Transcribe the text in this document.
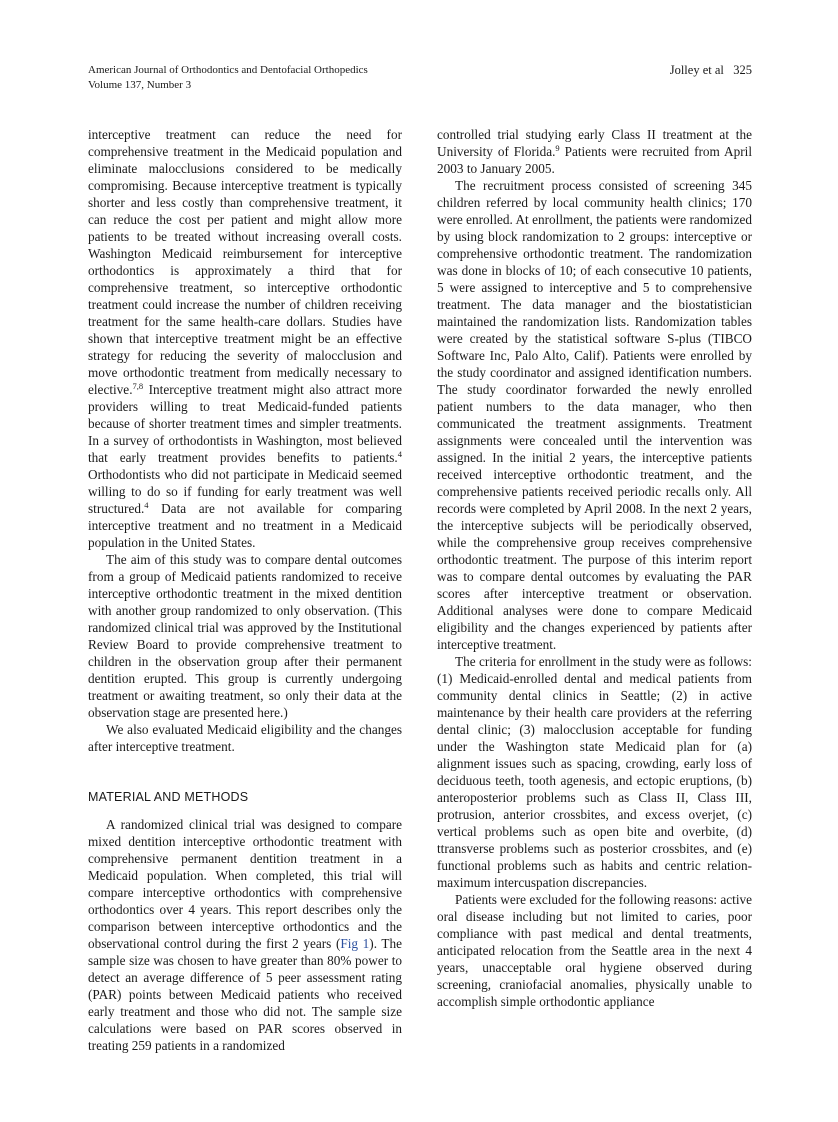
American Journal of Orthodontics and Dentofacial Orthopedics
Volume 137, Number 3
Jolley et al 325

interceptive treatment can reduce the need for comprehensive treatment in the Medicaid population and eliminate malocclusions considered to be medically compromising. Because interceptive treatment is typically shorter and less costly than comprehensive treatment, it can reduce the cost per patient and might allow more patients to be treated without increasing overall costs. Washington Medicaid reimbursement for interceptive orthodontics is approximately a third that for comprehensive treatment, so interceptive orthodontic treatment could increase the number of children receiving treatment for the same health-care dollars. Studies have shown that interceptive treatment might be an effective strategy for reducing the severity of malocclusion and move orthodontic treatment from medically necessary to elective.$^{7,8}$ Interceptive treatment might also attract more providers willing to treat Medicaid-funded patients because of shorter treatment times and simpler treatments. In a survey of orthodontists in Washington, most believed that early treatment provides benefits to patients.$^4$ Orthodontists who did not participate in Medicaid seemed willing to do so if funding for early treatment was well structured.$^4$ Data are not available for comparing interceptive treatment and no treatment in a Medicaid population in the United States.

The aim of this study was to compare dental outcomes from a group of Medicaid patients randomized to receive interceptive orthodontic treatment in the mixed dentition with another group randomized to only observation. (This randomized clinical trial was approved by the Institutional Review Board to provide comprehensive treatment to children in the observation group after their permanent dentition erupted. This group is currently undergoing treatment or awaiting treatment, so only their data at the observation stage are presented here.)

We also evaluated Medicaid eligibility and the changes after interceptive treatment.

MATERIAL AND METHODS

A randomized clinical trial was designed to compare mixed dentition interceptive orthodontic treatment with comprehensive permanent dentition treatment in a Medicaid population. When completed, this trial will compare interceptive orthodontics with comprehensive orthodontics over 4 years. This report describes only the comparison between interceptive orthodontics and the observational control during the first 2 years (Fig 1). The sample size was chosen to have greater than 80% power to detect an average difference of 5 peer assessment rating (PAR) points between Medicaid patients who received early treatment and those who did not. The sample size calculations were based on PAR scores observed in treating 259 patients in a randomized

controlled trial studying early Class II treatment at the University of Florida.$^9$ Patients were recruited from April 2003 to January 2005.

The recruitment process consisted of screening 345 children referred by local community health clinics; 170 were enrolled. At enrollment, the patients were randomized by using block randomization to 2 groups: interceptive or comprehensive orthodontic treatment. The randomization was done in blocks of 10; of each consecutive 10 patients, 5 were assigned to interceptive and 5 to comprehensive treatment. The data manager and the biostatistician maintained the randomization lists. Randomization tables were created by the statistical software S-plus (TIBCO Software Inc, Palo Alto, Calif). Patients were enrolled by the study coordinator and assigned identification numbers. The study coordinator forwarded the newly enrolled patient numbers to the data manager, who then communicated the treatment assignments. Treatment assignments were concealed until the intervention was assigned. In the initial 2 years, the interceptive patients received interceptive orthodontic treatment, and the comprehensive patients received periodic recalls only. All records were completed by April 2008. In the next 2 years, the interceptive subjects will be periodically observed, while the comprehensive group receives comprehensive orthodontic treatment. The purpose of this interim report was to compare dental outcomes by evaluating the PAR scores after interceptive treatment or observation. Additional analyses were done to compare Medicaid eligibility and the changes experienced by patients after interceptive treatment.

The criteria for enrollment in the study were as follows: (1) Medicaid-enrolled dental and medical patients from community dental clinics in Seattle; (2) in active maintenance by their health care providers at the referring dental clinic; (3) malocclusion acceptable for funding under the Washington state Medicaid plan for (a) alignment issues such as spacing, crowding, early loss of deciduous teeth, tooth agenesis, and ectopic eruptions, (b) anteroposterior problems such as Class II, Class III, protrusion, anterior crossbites, and excess overjet, (c) vertical problems such as open bite and overbite, (d) ttransverse problems such as posterior crossbites, and (e) functional problems such as habits and centric relation-maximum intercuspation discrepancies.

Patients were excluded for the following reasons: active oral disease including but not limited to caries, poor compliance with past medical and dental treatments, anticipated relocation from the Seattle area in the next 4 years, unacceptable oral hygiene observed during screening, craniofacial anomalies, physically unable to accomplish simple orthodontic appliance
